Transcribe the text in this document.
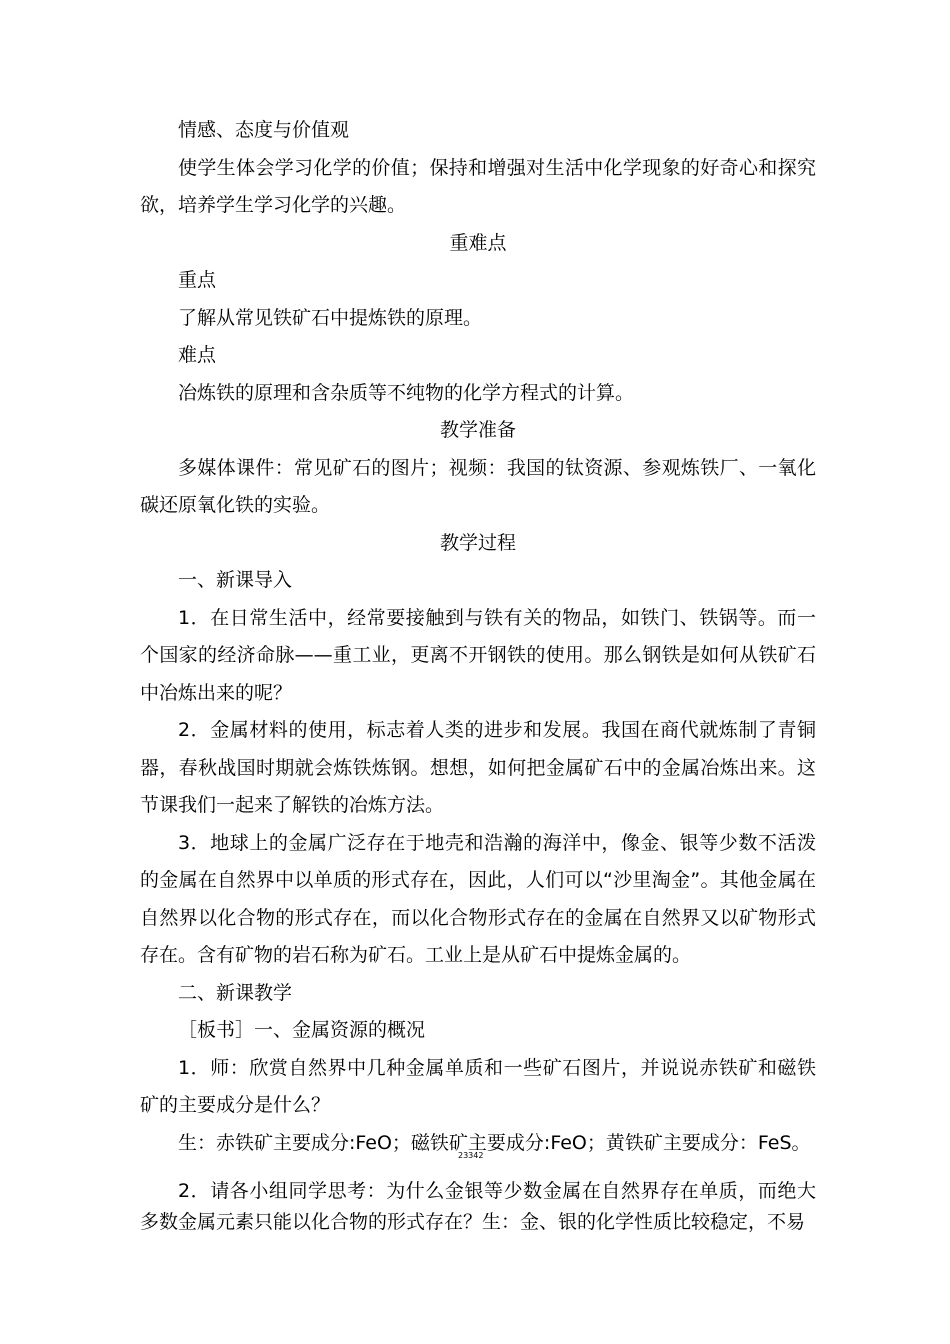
情感、态度与价值观

使学生体会学习化学的价值；保持和增强对生活中化学现象的好奇心和探究欲，培养学生学习化学的兴趣。

重难点

重点

了解从常见铁矿石中提炼铁的原理。

难点

冶炼铁的原理和含杂质等不纯物的化学方程式的计算。

教学准备

多媒体课件：常见矿石的图片；视频：我国的钛资源、参观炼铁厂、一氧化碳还原氧化铁的实验。

教学过程

一、新课导入

1．在日常生活中，经常要接触到与铁有关的物品，如铁门、铁锅等。而一个国家的经济命脉——重工业，更离不开钢铁的使用。那么钢铁是如何从铁矿石中冶炼出来的呢？

2．金属材料的使用，标志着人类的进步和发展。我国在商代就炼制了青铜器，春秋战国时期就会炼铁炼钢。想想，如何把金属矿石中的金属冶炼出来。这节课我们一起来了解铁的冶炼方法。

3．地球上的金属广泛存在于地壳和浩瀚的海洋中，像金、银等少数不活泼的金属在自然界中以单质的形式存在，因此，人们可以“沙里淘金”。其他金属在自然界以化合物的形式存在，而以化合物形式存在的金属在自然界又以矿物形式存在。含有矿物的岩石称为矿石。工业上是从矿石中提炼金属的。

二、新课教学

［板书］一、金属资源的概况

1．师：欣赏自然界中几种金属单质和一些矿石图片，并说说赤铁矿和磁铁矿的主要成分是什么？

生：赤铁矿主要成分:FeO；磁铁矿主要成分:FeO；黄铁矿主要成分：FeS。

2．请各小组同学思考：为什么金银等少数金属在自然界存在单质，而绝大多数金属元素只能以化合物的形式存在？生：金、银的化学性质比较稳定，不易

23342
